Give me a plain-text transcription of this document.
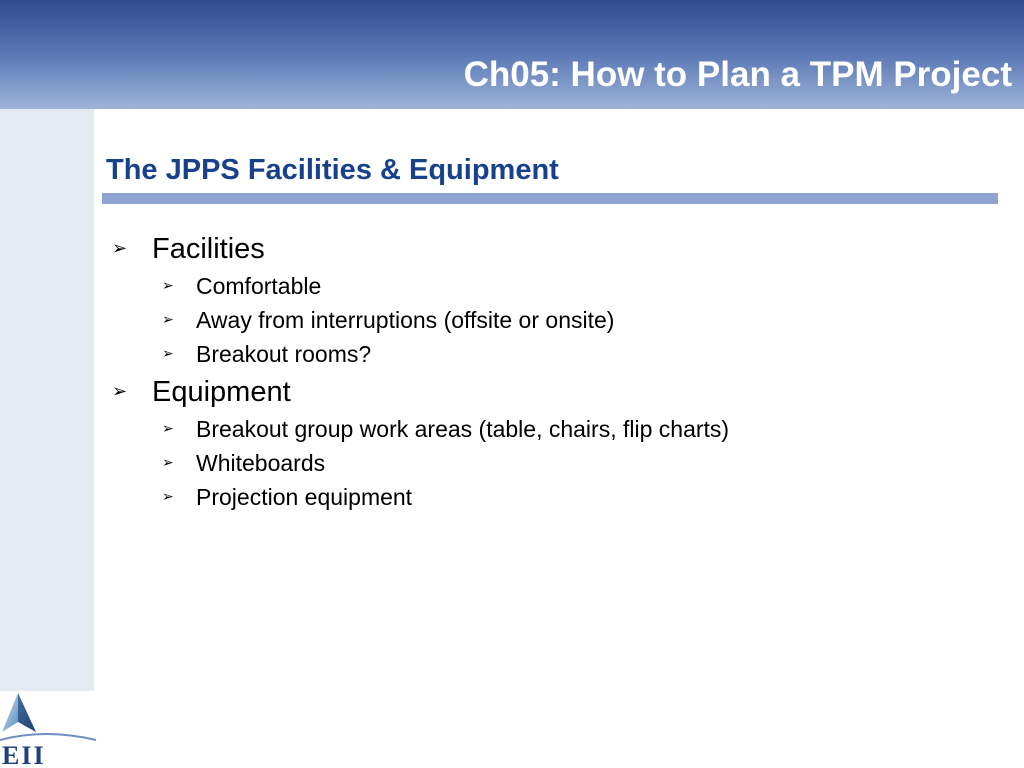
Ch05: How to Plan a TPM Project
The JPPS Facilities & Equipment
➢ Facilities
➢ Comfortable
➢ Away from interruptions (offsite or onsite)
➢ Breakout rooms?
➢ Equipment
➢ Breakout group work areas (table, chairs, flip charts)
➢ Whiteboards
➢ Projection equipment
EII
